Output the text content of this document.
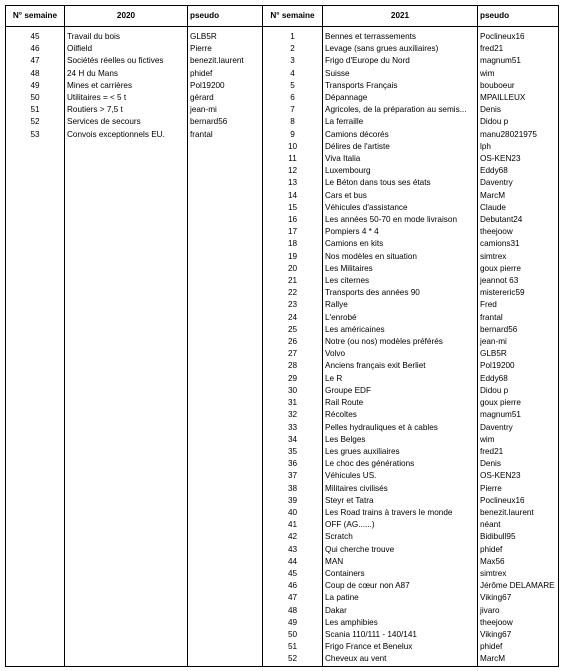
N° semaine	2020	pseudo	N° semaine	2021	pseudo

45	Travail du bois	GLB5R	1	Bennes et terrassements	Poclineux16
46	Oilfield	Pierre	2	Levage (sans grues auxiliaires)	fred21
47	Sociétés réelles ou fictives	benezit.laurent	3	Frigo d'Europe du Nord	magnum51
48	24 H du Mans	phidef	4	Suisse	wim
49	Mines et carrières	Pol19200	5	Transports Français	bouboeur
50	Utilitaires = < 5 t	gérard	6	Dépannage	MPAILLEUX
51	Routiers > 7,5 t	jean-mi	7	Agricoles, de la préparation au semis...	Denis
52	Services de secours	bernard56	8	La ferraille	Didou p
53	Convois exceptionnels EU.	frantal	9	Camions décorés	manu28021975
			10	Délires de l'artiste	lph
			11	Viva Italia	OS-KEN23
			12	Luxembourg	Eddy68
			13	Le Béton dans tous ses états	Daventry
			14	Cars et bus	MarcM
			15	Véhicules d'assistance	Claude
			16	Les années 50-70 en mode livraison	Debutant24
			17	Pompiers 4 * 4	theejoow
			18	Camions en kits	camions31
			19	Nos modèles en situation	simtrex
			20	Les Militaires	goux pierre
			21	Les citernes	jeannot 63
			22	Transports des années 90	mistereric59
			23	Rallye	Fred
			24	L'enrobé	frantal
			25	Les américaines	bernard56
			26	Notre (ou nos) modèles préférés	jean-mi
			27	Volvo	GLB5R
			28	Anciens français exit Berliet	Pol19200
			29	Le R	Eddy68
			30	Groupe EDF	Didou p
			31	Rail Route	goux pierre
			32	Récoltes	magnum51
			33	Pelles hydrauliques et à cables	Daventry
			34	Les Belges	wim
			35	Les grues auxiliaires	fred21
			36	Le choc des générations	Denis
			37	Véhicules US.	OS-KEN23
			38	Militaires civilisés	Pierre
			39	Steyr et Tatra	Poclineux16
			40	Les Road trains à travers le monde	benezit.laurent
			41	OFF (AG......)	néant
			42	Scratch	Bidibull95
			43	Qui cherche trouve	phidef
			44	MAN	Max56
			45	Containers	simtrex
			46	Coup de cœur non A87	Jérôme DELAMARE
			47	La patine	Viking67
			48	Dakar	jivaro
			49	Les amphibies	theejoow
			50	Scania 110/111 - 140/141	Viking67
			51	Frigo France et Benelux	phidef
			52	Cheveux au vent	MarcM
